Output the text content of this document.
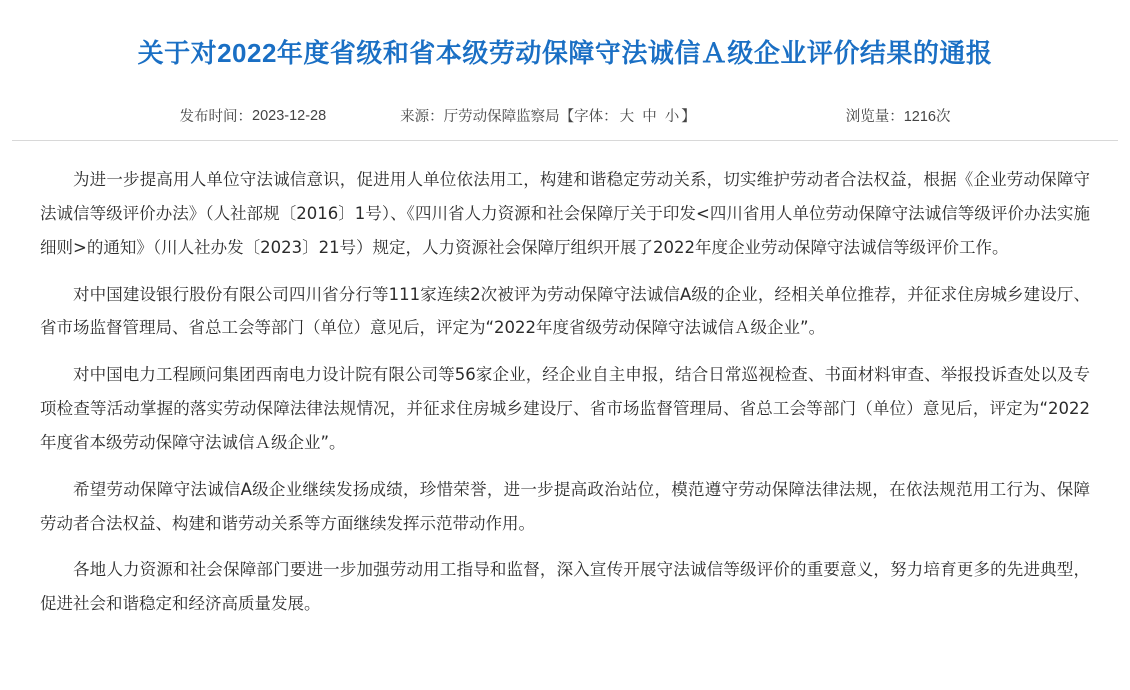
关于对2022年度省级和省本级劳动保障守法诚信Ａ级企业评价结果的通报
发布时间： 2023-12-28	来源： 厅劳动保障监察局 【字体： 大 中 小 】	浏览量： 1216次

为进一步提高用人单位守法诚信意识，促进用人单位依法用工，构建和谐稳定劳动关系，切实维护劳动者合法权益，根据《企业劳动保障守法诚信等级评价办法》（人社部规〔2016〕1号）、《四川省人力资源和社会保障厅关于印发<四川省用人单位劳动保障守法诚信等级评价办法实施细则>的通知》（川人社办发〔2023〕21号）规定，人力资源社会保障厅组织开展了2022年度企业劳动保障守法诚信等级评价工作。

对中国建设银行股份有限公司四川省分行等111家连续2次被评为劳动保障守法诚信A级的企业，经相关单位推荐，并征求住房城乡建设厅、省市场监督管理局、省总工会等部门（单位）意见后，评定为“2022年度省级劳动保障守法诚信Ａ级企业”。

对中国电力工程顾问集团西南电力设计院有限公司等56家企业，经企业自主申报，结合日常巡视检查、书面材料审查、举报投诉查处以及专项检查等活动掌握的落实劳动保障法律法规情况，并征求住房城乡建设厅、省市场监督管理局、省总工会等部门（单位）意见后，评定为“2022年度省本级劳动保障守法诚信Ａ级企业”。

希望劳动保障守法诚信A级企业继续发扬成绩，珍惜荣誉，进一步提高政治站位，模范遵守劳动保障法律法规，在依法规范用工行为、保障劳动者合法权益、构建和谐劳动关系等方面继续发挥示范带动作用。

各地人力资源和社会保障部门要进一步加强劳动用工指导和监督，深入宣传开展守法诚信等级评价的重要意义，努力培育更多的先进典型，促进社会和谐稳定和经济高质量发展。
